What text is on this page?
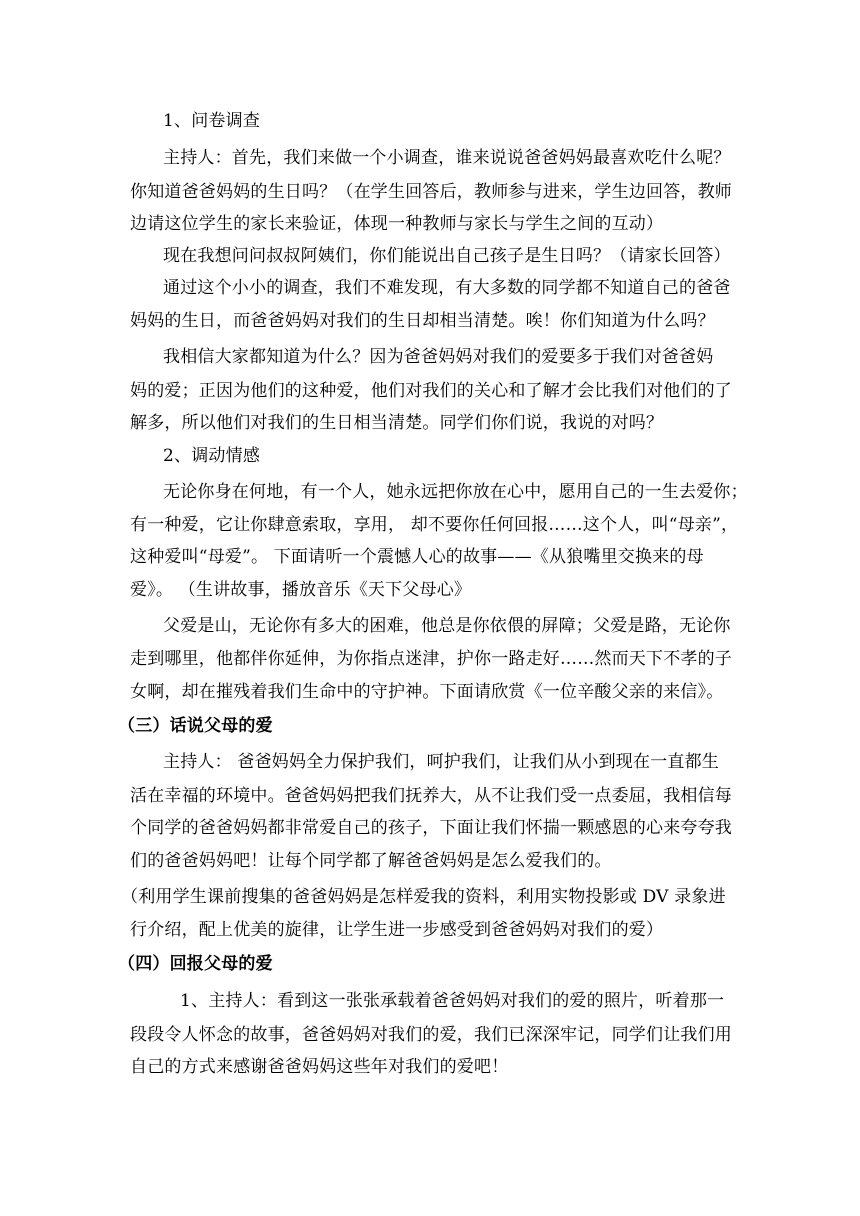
1、问卷调查
主持人：首先，我们来做一个小调查，谁来说说爸爸妈妈最喜欢吃什么呢？
你知道爸爸妈妈的生日吗？（在学生回答后，教师参与进来，学生边回答，教师
边请这位学生的家长来验证，体现一种教师与家长与学生之间的互动）
现在我想问问叔叔阿姨们，你们能说出自己孩子是生日吗？（请家长回答）
通过这个小小的调查，我们不难发现，有大多数的同学都不知道自己的爸爸
妈妈的生日，而爸爸妈妈对我们的生日却相当清楚。唉！你们知道为什么吗？
我相信大家都知道为什么？因为爸爸妈妈对我们的爱要多于我们对爸爸妈
妈的爱；正因为他们的这种爱，他们对我们的关心和了解才会比我们对他们的了
解多，所以他们对我们的生日相当清楚。同学们你们说，我说的对吗？
2、调动情感
无论你身在何地，有一个人，她永远把你放在心中，愿用自己的一生去爱你；
有一种爱，它让你肆意索取，享用， 却不要你任何回报……这个人，叫“母亲”，
这种爱叫“母爱”。 下面请听一个震憾人心的故事——《从狼嘴里交换来的母
爱》。 （生讲故事，播放音乐《天下父母心》
父爱是山，无论你有多大的困难，他总是你依偎的屏障；父爱是路，无论你
走到哪里，他都伴你延伸，为你指点迷津，护你一路走好……然而天下不孝的子
女啊，却在摧残着我们生命中的守护神。下面请欣赏《一位辛酸父亲的来信》。
（三）话说父母的爱
主持人： 爸爸妈妈全力保护我们，呵护我们，让我们从小到现在一直都生
活在幸福的环境中。爸爸妈妈把我们抚养大，从不让我们受一点委屈，我相信每
个同学的爸爸妈妈都非常爱自己的孩子，下面让我们怀揣一颗感恩的心来夸夸我
们的爸爸妈妈吧！让每个同学都了解爸爸妈妈是怎么爱我们的。
（利用学生课前搜集的爸爸妈妈是怎样爱我的资料，利用实物投影或 DV 录象进
行介绍，配上优美的旋律，让学生进一步感受到爸爸妈妈对我们的爱）
（四）回报父母的爱
1、主持人：看到这一张张承载着爸爸妈妈对我们的爱的照片，听着那一
段段令人怀念的故事，爸爸妈妈对我们的爱，我们已深深牢记，同学们让我们用
自己的方式来感谢爸爸妈妈这些年对我们的爱吧！
